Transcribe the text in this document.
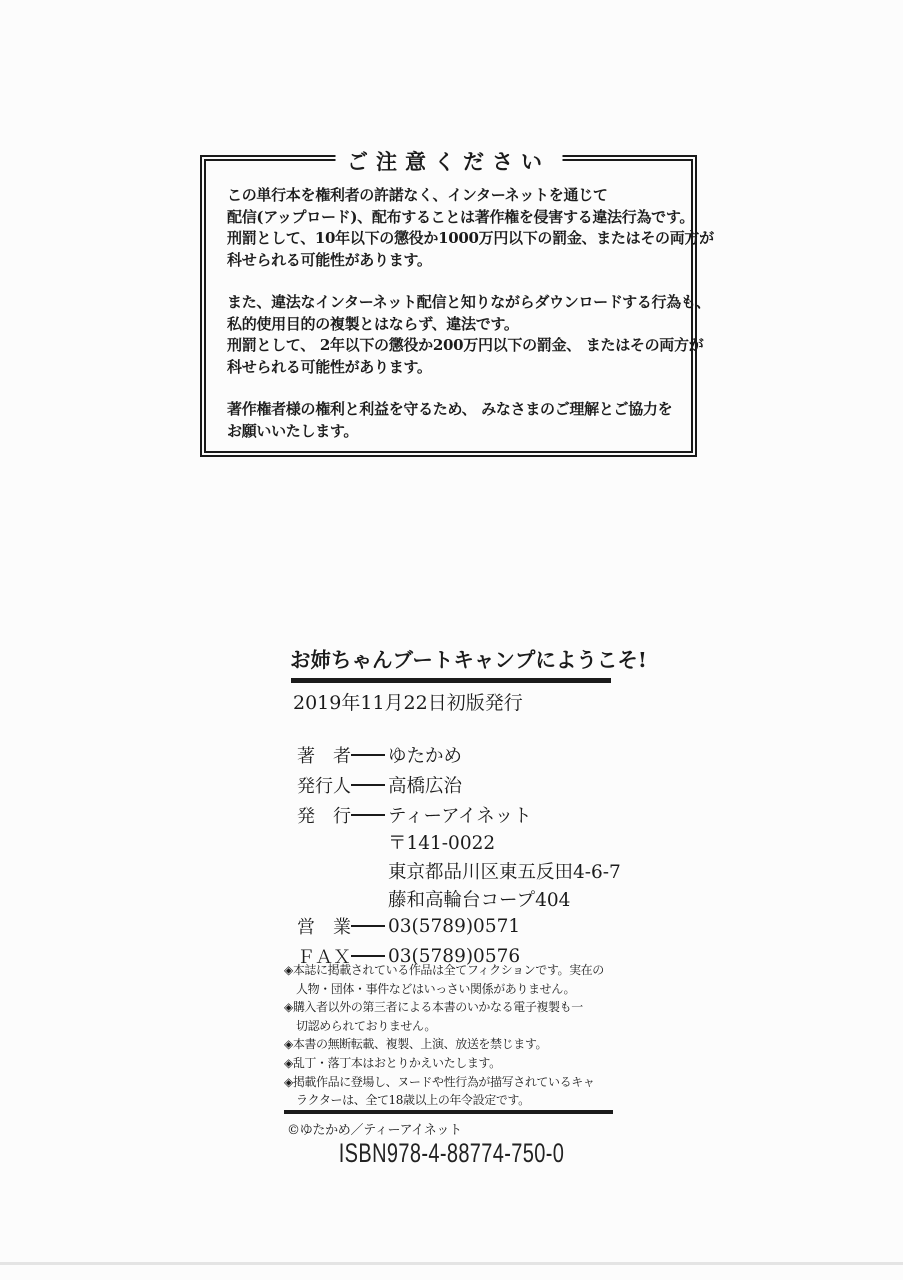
ご注意ください
この単行本を権利者の許諾なく、インターネットを通じて
配信(アップロード)、配布することは著作権を侵害する違法行為です。
刑罰として、10年以下の懲役か1000万円以下の罰金、またはその両方が
科せられる可能性があります。
また、違法なインターネット配信と知りながらダウンロードする行為も、
私的使用目的の複製とはならず、違法です。
刑罰として、 2年以下の懲役か200万円以下の罰金、 またはその両方が
科せられる可能性があります。
著作権者様の権利と利益を守るため、 みなさまのご理解とご協力を
お願いいたします。
お姉ちゃんブートキャンプにようこそ!
2019年11月22日初版発行
著　者 ゆたかめ
発行人 高橋広治
発　行 ティーアイネット
〒141-0022
東京都品川区東五反田4-6-7
藤和高輪台コープ404
営　業 03(5789)0571
ＦＡＸ 03(5789)0576
◈本誌に掲載されている作品は全てフィクションです。実在の
人物・団体・事件などはいっさい関係がありません。
◈購入者以外の第三者による本書のいかなる電子複製も一
切認められておりません。
◈本書の無断転載、複製、上演、放送を禁じます。
◈乱丁・落丁本はおとりかえいたします。
◈掲載作品に登場し、ヌードや性行為が描写されているキャ
ラクターは、全て18歳以上の年令設定です。
©ゆたかめ／ティーアイネット
ISBN978-4-88774-750-0
